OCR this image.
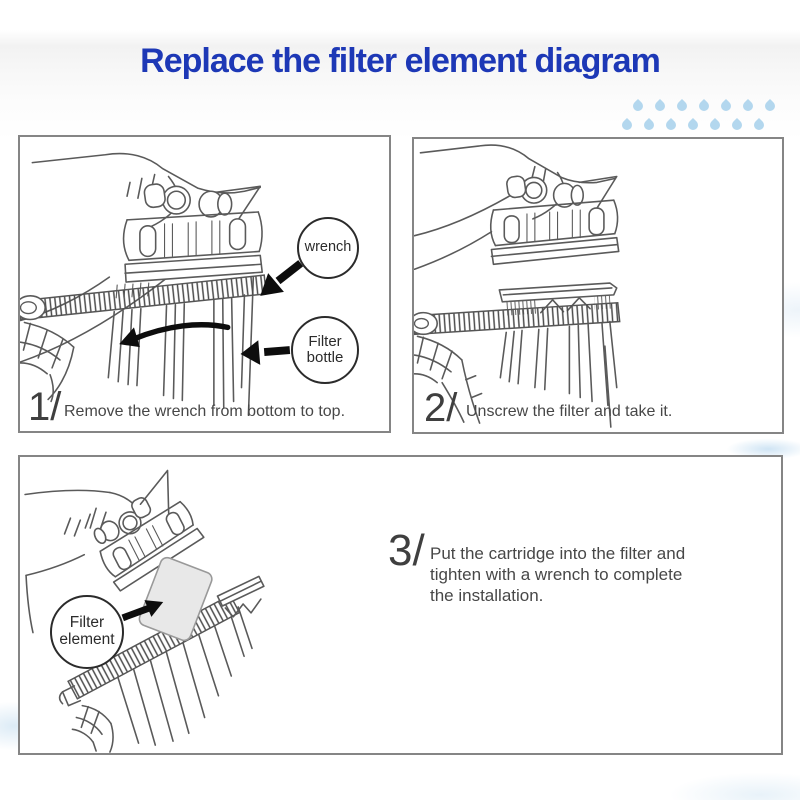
Replace the filter element diagram
wrench
Filter bottle
1/ Remove the wrench from bottom to top. 2/ Unscrew the filter and take it.
Filter element
3/ Put the cartridge into the filter and
tighten with a wrench to complete
the installation.
